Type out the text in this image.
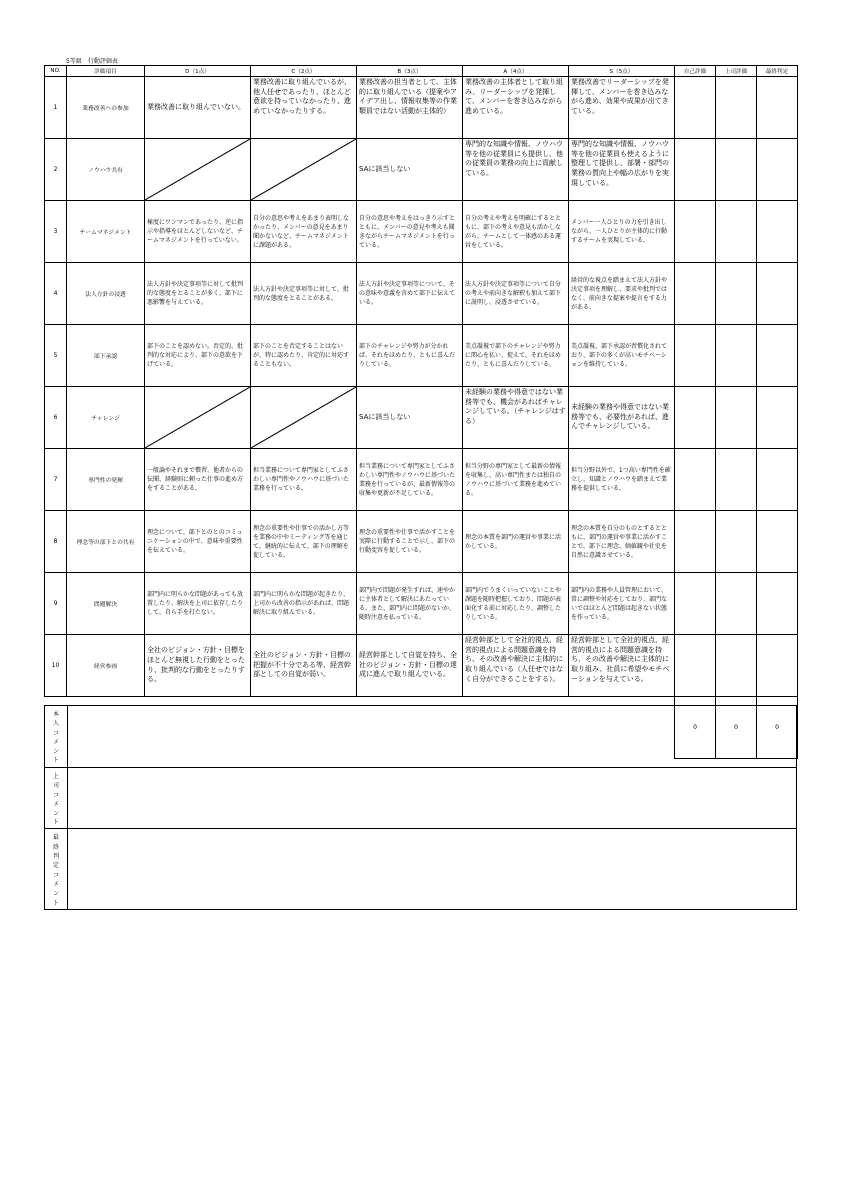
5等級　行動評価表
NO.	評価項目	D（1点）	C（2点）	B（3点）	A（4点）	S（5点）	自己評価	上司評価	最終判定
1	業務改善への参加	業務改善に取り組んでいない。	業務改善に取り組んでいるが、他人任せであったり、ほとんど意欲を持っていなかったり、進めていなかったりする。	業務改善の担当者として、主体的に取り組んでいる（提案やアイデア出し、情報収集等の作業類員ではない活動が主体的）	業務改善の主体者として取り組み、リーダーシップを発揮して、メンバーを巻き込みながら進めている。	業務改善でリーダーシップを発揮して、メンバーを巻き込みながら進め、効果や成果が出てきている。			

2	ノウハウ共有			SAに該当しない	専門的な知識や情報、ノウハウ等を他の従業員にも提供し、他の従業員の業務の向上に貢献している。	専門的な知識や情報、ノウハウ等を他の従業員も使えるように整理して提供し、部署・部門の業務の質向上や幅の広がりを実現している。			

3	チームマネジメント	極度にワンマンであったり、逆に指示や指導をほとんどしないなど、チームマネジメントを行っていない。	自分の意思や考えをあまり表明しなかったり、メンバーの意見をあまり聞かないなど、チームマネジメントに課題がある。	自分の意思や考えをはっきり示すとともに、メンバーの意見や考えも聞きながらチームマネジメントを行っている。	自分の考えや考えを明確にするとともに、部下の考えや意見も活かしながら、チームとして一体感のある運営をしている。	メンバー一人ひとりの力を引き出しながら、一人ひとりが主体的に行動するチームを実現している。			

4	法人方針の浸透	法人方針や決定事項等に対して批判的な態度をとることが多く、部下に悪影響を与えている。	法人方針や決定事項等に対して、批判的な態度をとることがある。	法人方針や決定事項等について、その意味や意義を含めて部下に伝えている。	法人方針や決定事項等について自分の考えや前向きな解釈も加えて部下に説明し、浸透させている。	経営的な視点を踏まえて法人方針や決定事項を理解し、要求や批判ではなく、前向きな提案や提言をする力がある。			

5	部下承認	部下のことを認めない。否定的、批判的な対応により、部下の意欲を下げている。	部下のことを否定することはないが、特に認めたり、肯定的に対応することもない。	部下のチャレンジや努力が分かれば、それをほめたり、ともに喜んだりしている。	美点凝視で部下のチャレンジや努力に関心を払い、捉えて、それをほめたり、ともに喜んだりしている。	美点凝視、部下承認が習慣化されており、部下の多くが高いモチベーションを維持している。			

6	チャレンジ			SAに該当しない	未経験の業務や得意ではない業務等でも、機会があればチャレンジしている。（チャレンジはする）	未経験の業務や得意ではない業務等でも、必要性があれば、進んでチャレンジしている。			

7	専門性の発揮	一般論やそれまで慣習、他者からの伝聞、経験則に頼った仕事の進め方をすることがある。	担当業務について専門家としてふさわしい専門性やノウハウに基づいた業務を行っている。	担当業務について専門家としてふさわしい専門性やノウハウに基づいた業務を行っているが、最新情報等の収集や更新が不足している。	担当分野の専門家として最新の情報を収集し、高い専門性または独自のノウハウに基づいて業務を進めている。	担当分野以外で、1つ高い専門性を確立し、知識とノウハウを踏まえて業務を提供している。			

8	理念等の部下との共有	理念について、部下とのとのコミュニケーションの中で、意味や重要性を伝えている。	理念の重要性や仕事での活かし方等を業務の中やミーティング等を通じて、継続的に伝えて、部下の理解を促している。	理念の重要性や仕事で活かすことを実際に行動することで示し、部下の行動変容を促している。	理念の本質を部門の運営や事業に活かしている。	理念の本質を自分のものとするとともに、部門の運営や事業に活かすことで、部下に理念、価値観や社史を自然に意識させている。			

9	問題解決	部門内に明らかな問題があっても放置したり、解決を上司に依存したりして、自ら手を打たない。	部門内に明らかな問題が起きたり、上司から改善の指示があれば、問題解決に取り組んでいる。	部門内で問題が発生すれば、速やかに主体者として解決にあたっている。また、部門内に問題がないか、随時注意を払っている。	部門内でうまくいっていないことや課題を随時把握しており、問題が表面化する前に対応したり、調整したりしている。	部門内の業務や人員管理において、常に調整や対応をしており、部門ないではほとんど問題は起きない状態を作っている。			

10	経営参画	全社のビジョン・方針・目標をほとんど無視した行動をとったり、批判的な行動をとったりする。	全社のビジョン・方針・目標の把握が不十分である等、経営幹部としての自覚が弱い。	経営幹部として自覚を持ち、全社のビジョン・方針・目標の達成に進んで取り組んでいる。	経営幹部として全社的視点、経営的視点による問題意識を持ち、その改善や解決に主体的に取り組んでいる（人任せではなく自分ができることをする）。	経営幹部として全社的視点、経営的視点による問題意識を持ち、その改善や解決に主体的に取り組み、社員に希望やモチベーションを与えている。			

							0	0	0
本人コメント	
上司コメント	
最終判定コメント	
